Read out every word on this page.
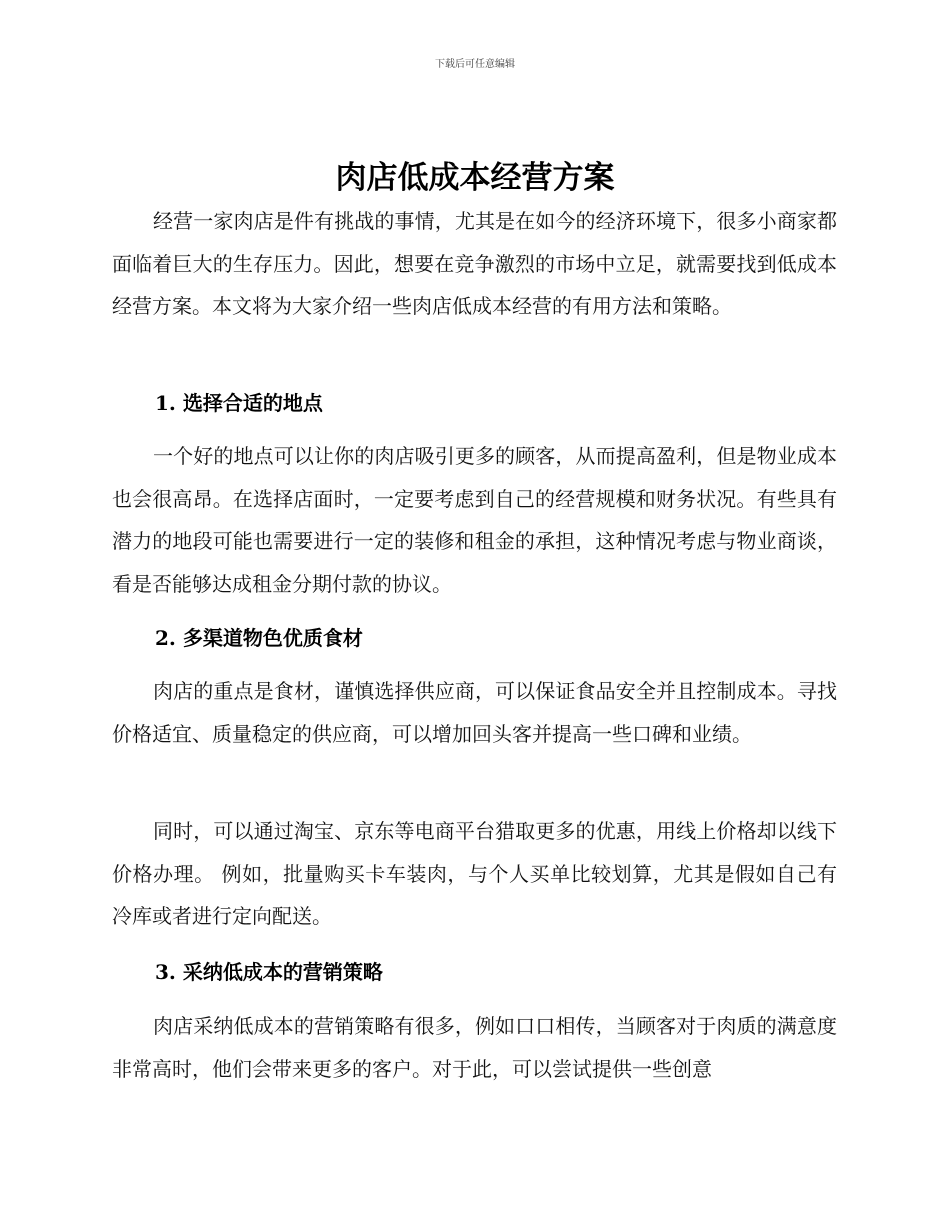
下载后可任意编辑
肉店低成本经营方案

经营一家肉店是件有挑战的事情，尤其是在如今的经济环境下，很多小商家都面临着巨大的生存压力。因此，想要在竞争激烈的市场中立足，就需要找到低成本经营方案。本文将为大家介绍一些肉店低成本经营的有用方法和策略。

1. 选择合适的地点

一个好的地点可以让你的肉店吸引更多的顾客，从而提高盈利，但是物业成本也会很高昂。在选择店面时，一定要考虑到自己的经营规模和财务状况。有些具有潜力的地段可能也需要进行一定的装修和租金的承担，这种情况考虑与物业商谈，看是否能够达成租金分期付款的协议。

2. 多渠道物色优质食材

肉店的重点是食材，谨慎选择供应商，可以保证食品安全并且控制成本。寻找价格适宜、质量稳定的供应商，可以增加回头客并提高一些口碑和业绩。

同时，可以通过淘宝、京东等电商平台猎取更多的优惠，用线上价格却以线下价格办理。 例如，批量购买卡车装肉，与个人买单比较划算，尤其是假如自己有冷库或者进行定向配送。

3. 采纳低成本的营销策略

肉店采纳低成本的营销策略有很多，例如口口相传，当顾客对于肉质的满意度非常高时，他们会带来更多的客户。对于此，可以尝试提供一些创意
